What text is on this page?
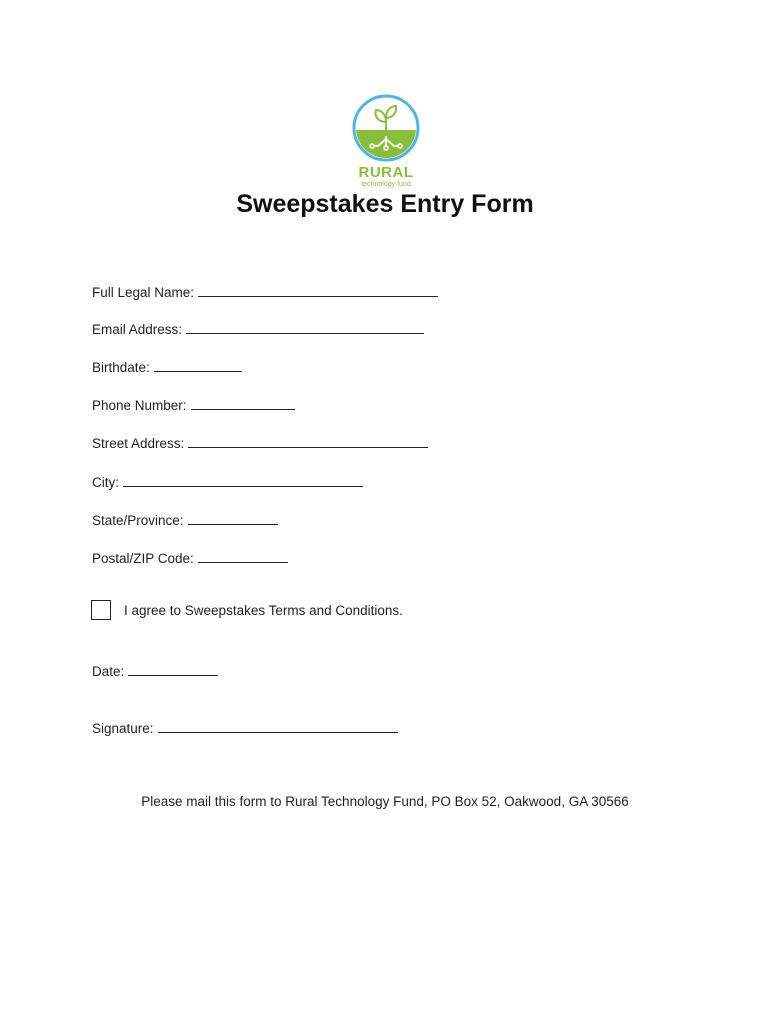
RURAL
technology fund
Sweepstakes Entry Form
Full Legal Name:
Email Address:
Birthdate:
Phone Number:
Street Address:
City:
State/Province:
Postal/ZIP Code:
I agree to Sweepstakes Terms and Conditions.
Date:
Signature:
Please mail this form to Rural Technology Fund, PO Box 52, Oakwood, GA 30566
